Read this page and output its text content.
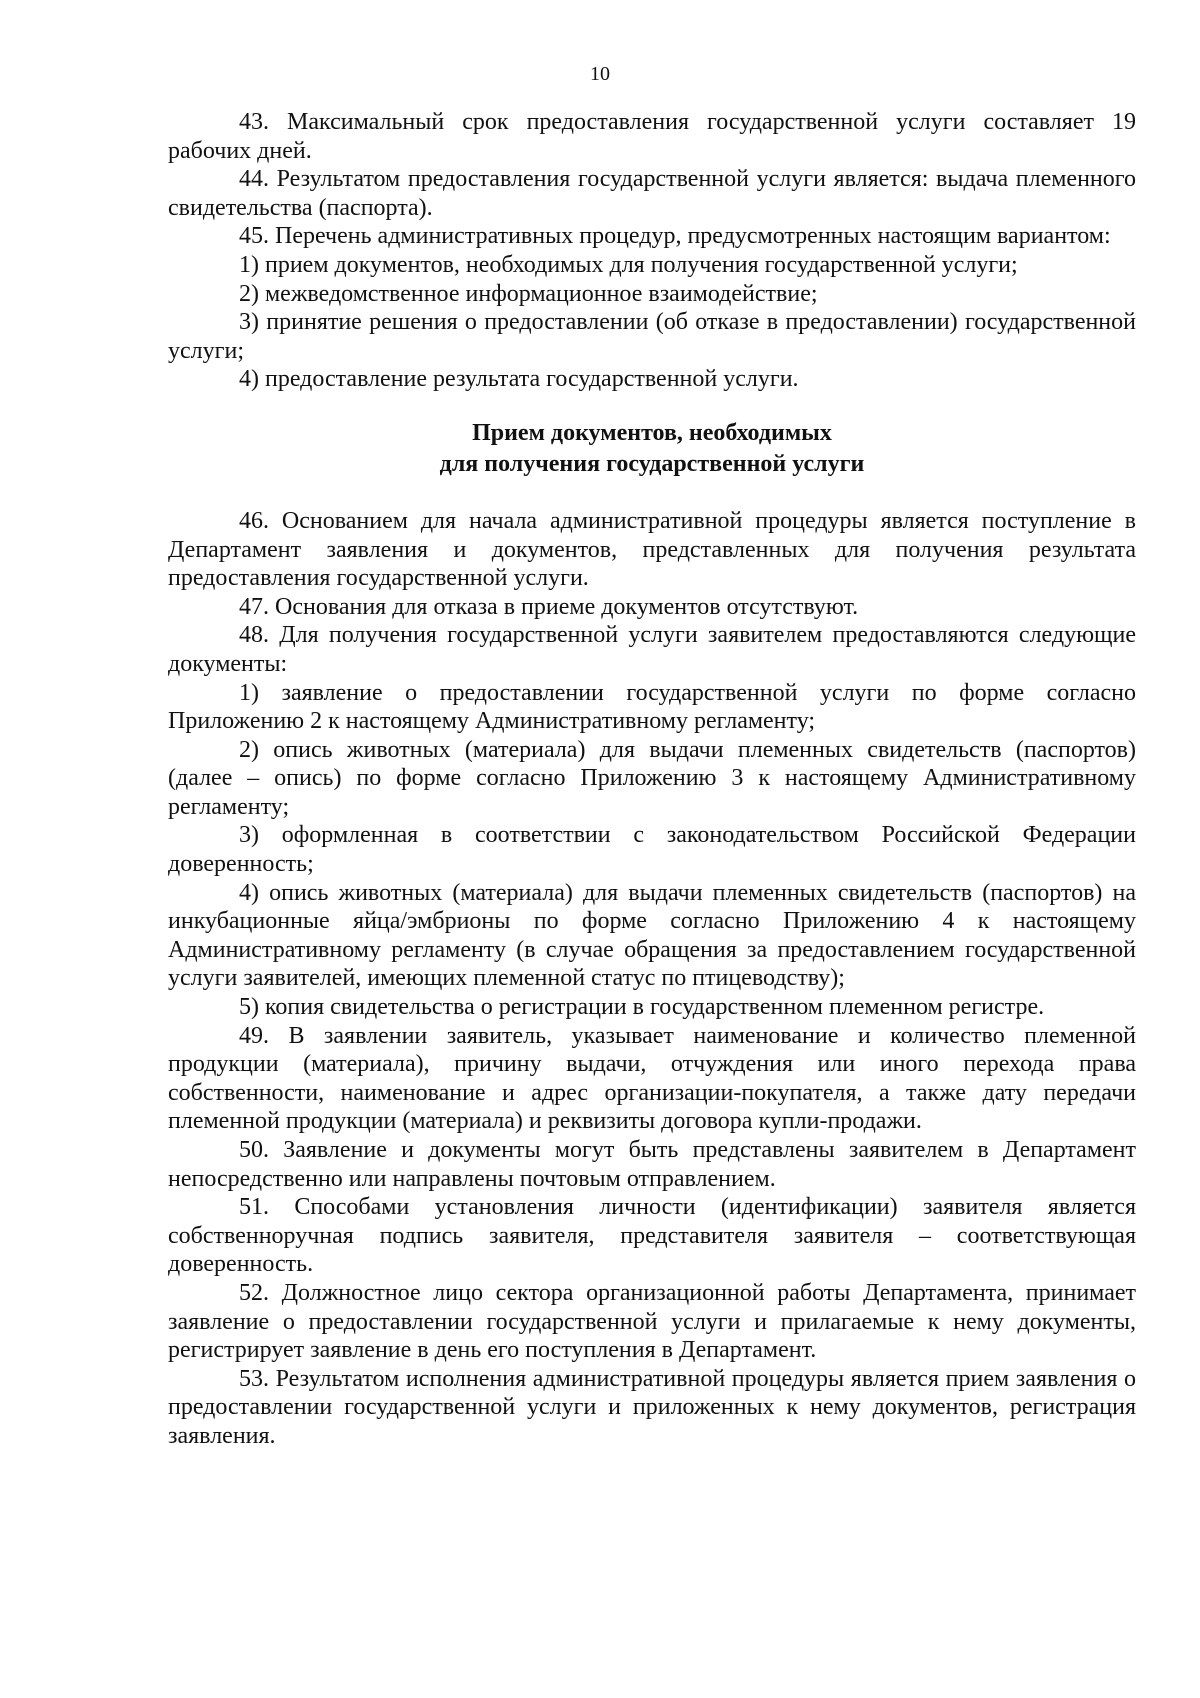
10

43. Максимальный срок предоставления государственной услуги составляет 19 рабочих дней.

44. Результатом предоставления государственной услуги является: выдача племенного свидетельства (паспорта).

45. Перечень административных процедур, предусмотренных настоящим вариантом:

1) прием документов, необходимых для получения государственной услуги;

2) межведомственное информационное взаимодействие;

3) принятие решения о предоставлении (об отказе в предоставлении) государственной услуги;

4) предоставление результата государственной услуги.

Прием документов, необходимых
для получения государственной услуги

46. Основанием для начала административной процедуры является поступление в Департамент заявления и документов, представленных для получения результата предоставления государственной услуги.

47. Основания для отказа в приеме документов отсутствуют.

48. Для получения государственной услуги заявителем предоставляются следующие документы:

1) заявление о предоставлении государственной услуги по форме согласно Приложению 2 к настоящему Административному регламенту;

2) опись животных (материала) для выдачи племенных свидетельств (паспортов) (далее – опись) по форме согласно Приложению 3 к настоящему Административному регламенту;

3) оформленная в соответствии с законодательством Российской Федерации доверенность;

4) опись животных (материала) для выдачи племенных свидетельств (паспортов) на инкубационные яйца/эмбрионы по форме согласно Приложению 4 к настоящему Административному регламенту (в случае обращения за предоставлением государственной услуги заявителей, имеющих племенной статус по птицеводству);

5) копия свидетельства о регистрации в государственном племенном регистре.

49. В заявлении заявитель, указывает наименование и количество племенной продукции (материала), причину выдачи, отчуждения или иного перехода права собственности, наименование и адрес организации-покупателя, а также дату передачи племенной продукции (материала) и реквизиты договора купли-продажи.

50. Заявление и документы могут быть представлены заявителем в Департамент непосредственно или направлены почтовым отправлением.

51. Способами установления личности (идентификации) заявителя является собственноручная подпись заявителя, представителя заявителя – соответствующая доверенность.

52. Должностное лицо сектора организационной работы Департамента, принимает заявление о предоставлении государственной услуги и прилагаемые к нему документы, регистрирует заявление в день его поступления в Департамент.

53. Результатом исполнения административной процедуры является прием заявления о предоставлении государственной услуги и приложенных к нему документов, регистрация заявления.
